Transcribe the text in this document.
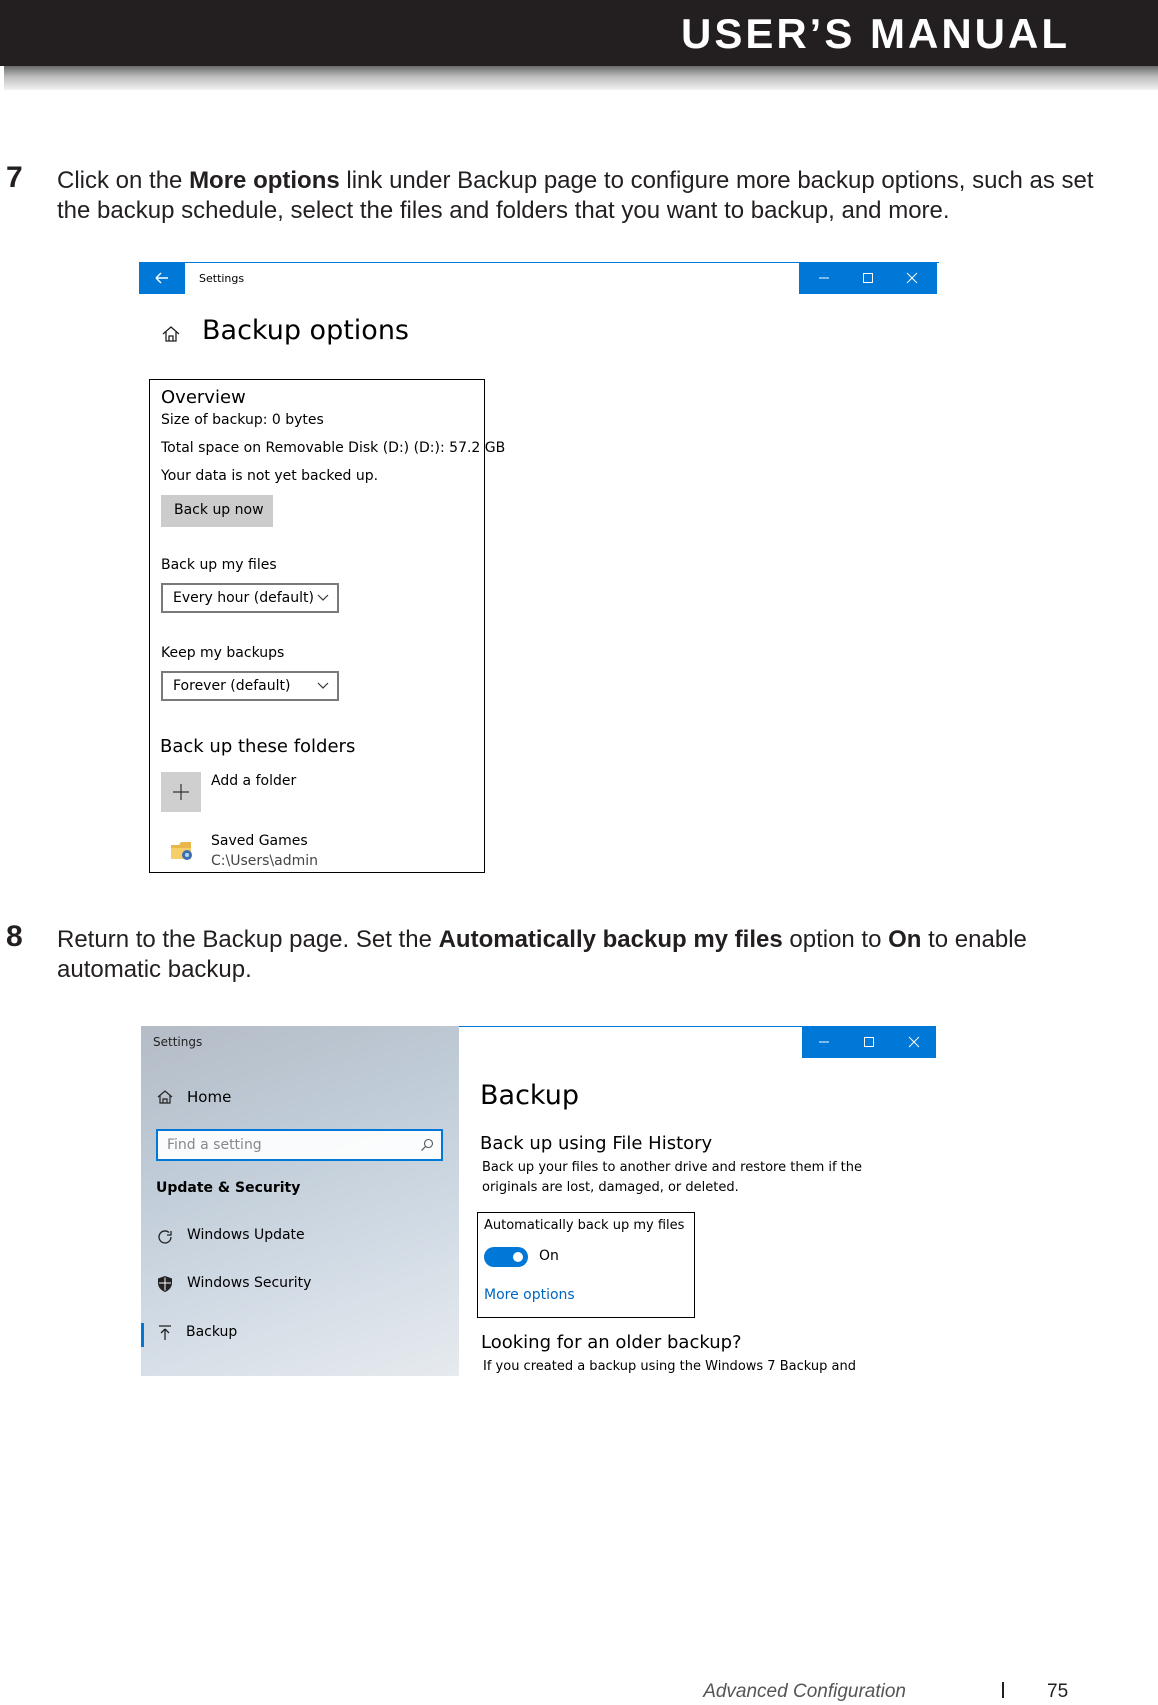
USER’S MANUAL
7 Click on the More options link under Backup page to configure more backup options, such as set the backup schedule, select the files and folders that you want to backup, and more.
Settings
Backup options
Overview
Size of backup: 0 bytes
Total space on Removable Disk (D:) (D:): 57.2 GB
Your data is not yet backed up.
Back up now
Back up my files
Every hour (default)
Keep my backups
Forever (default)
Back up these folders
Add a folder
Saved Games
C:\Users\admin
8 Return to the Backup page. Set the Automatically backup my files option to On to enable automatic backup.
Settings
Home
Find a setting
Update & Security
Windows Update
Windows Security
Backup
Backup
Back up using File History
Back up your files to another drive and restore them if the
originals are lost, damaged, or deleted.
Automatically back up my files
On
More options
Looking for an older backup?
If you created a backup using the Windows 7 Backup and
Advanced Configuration	75
